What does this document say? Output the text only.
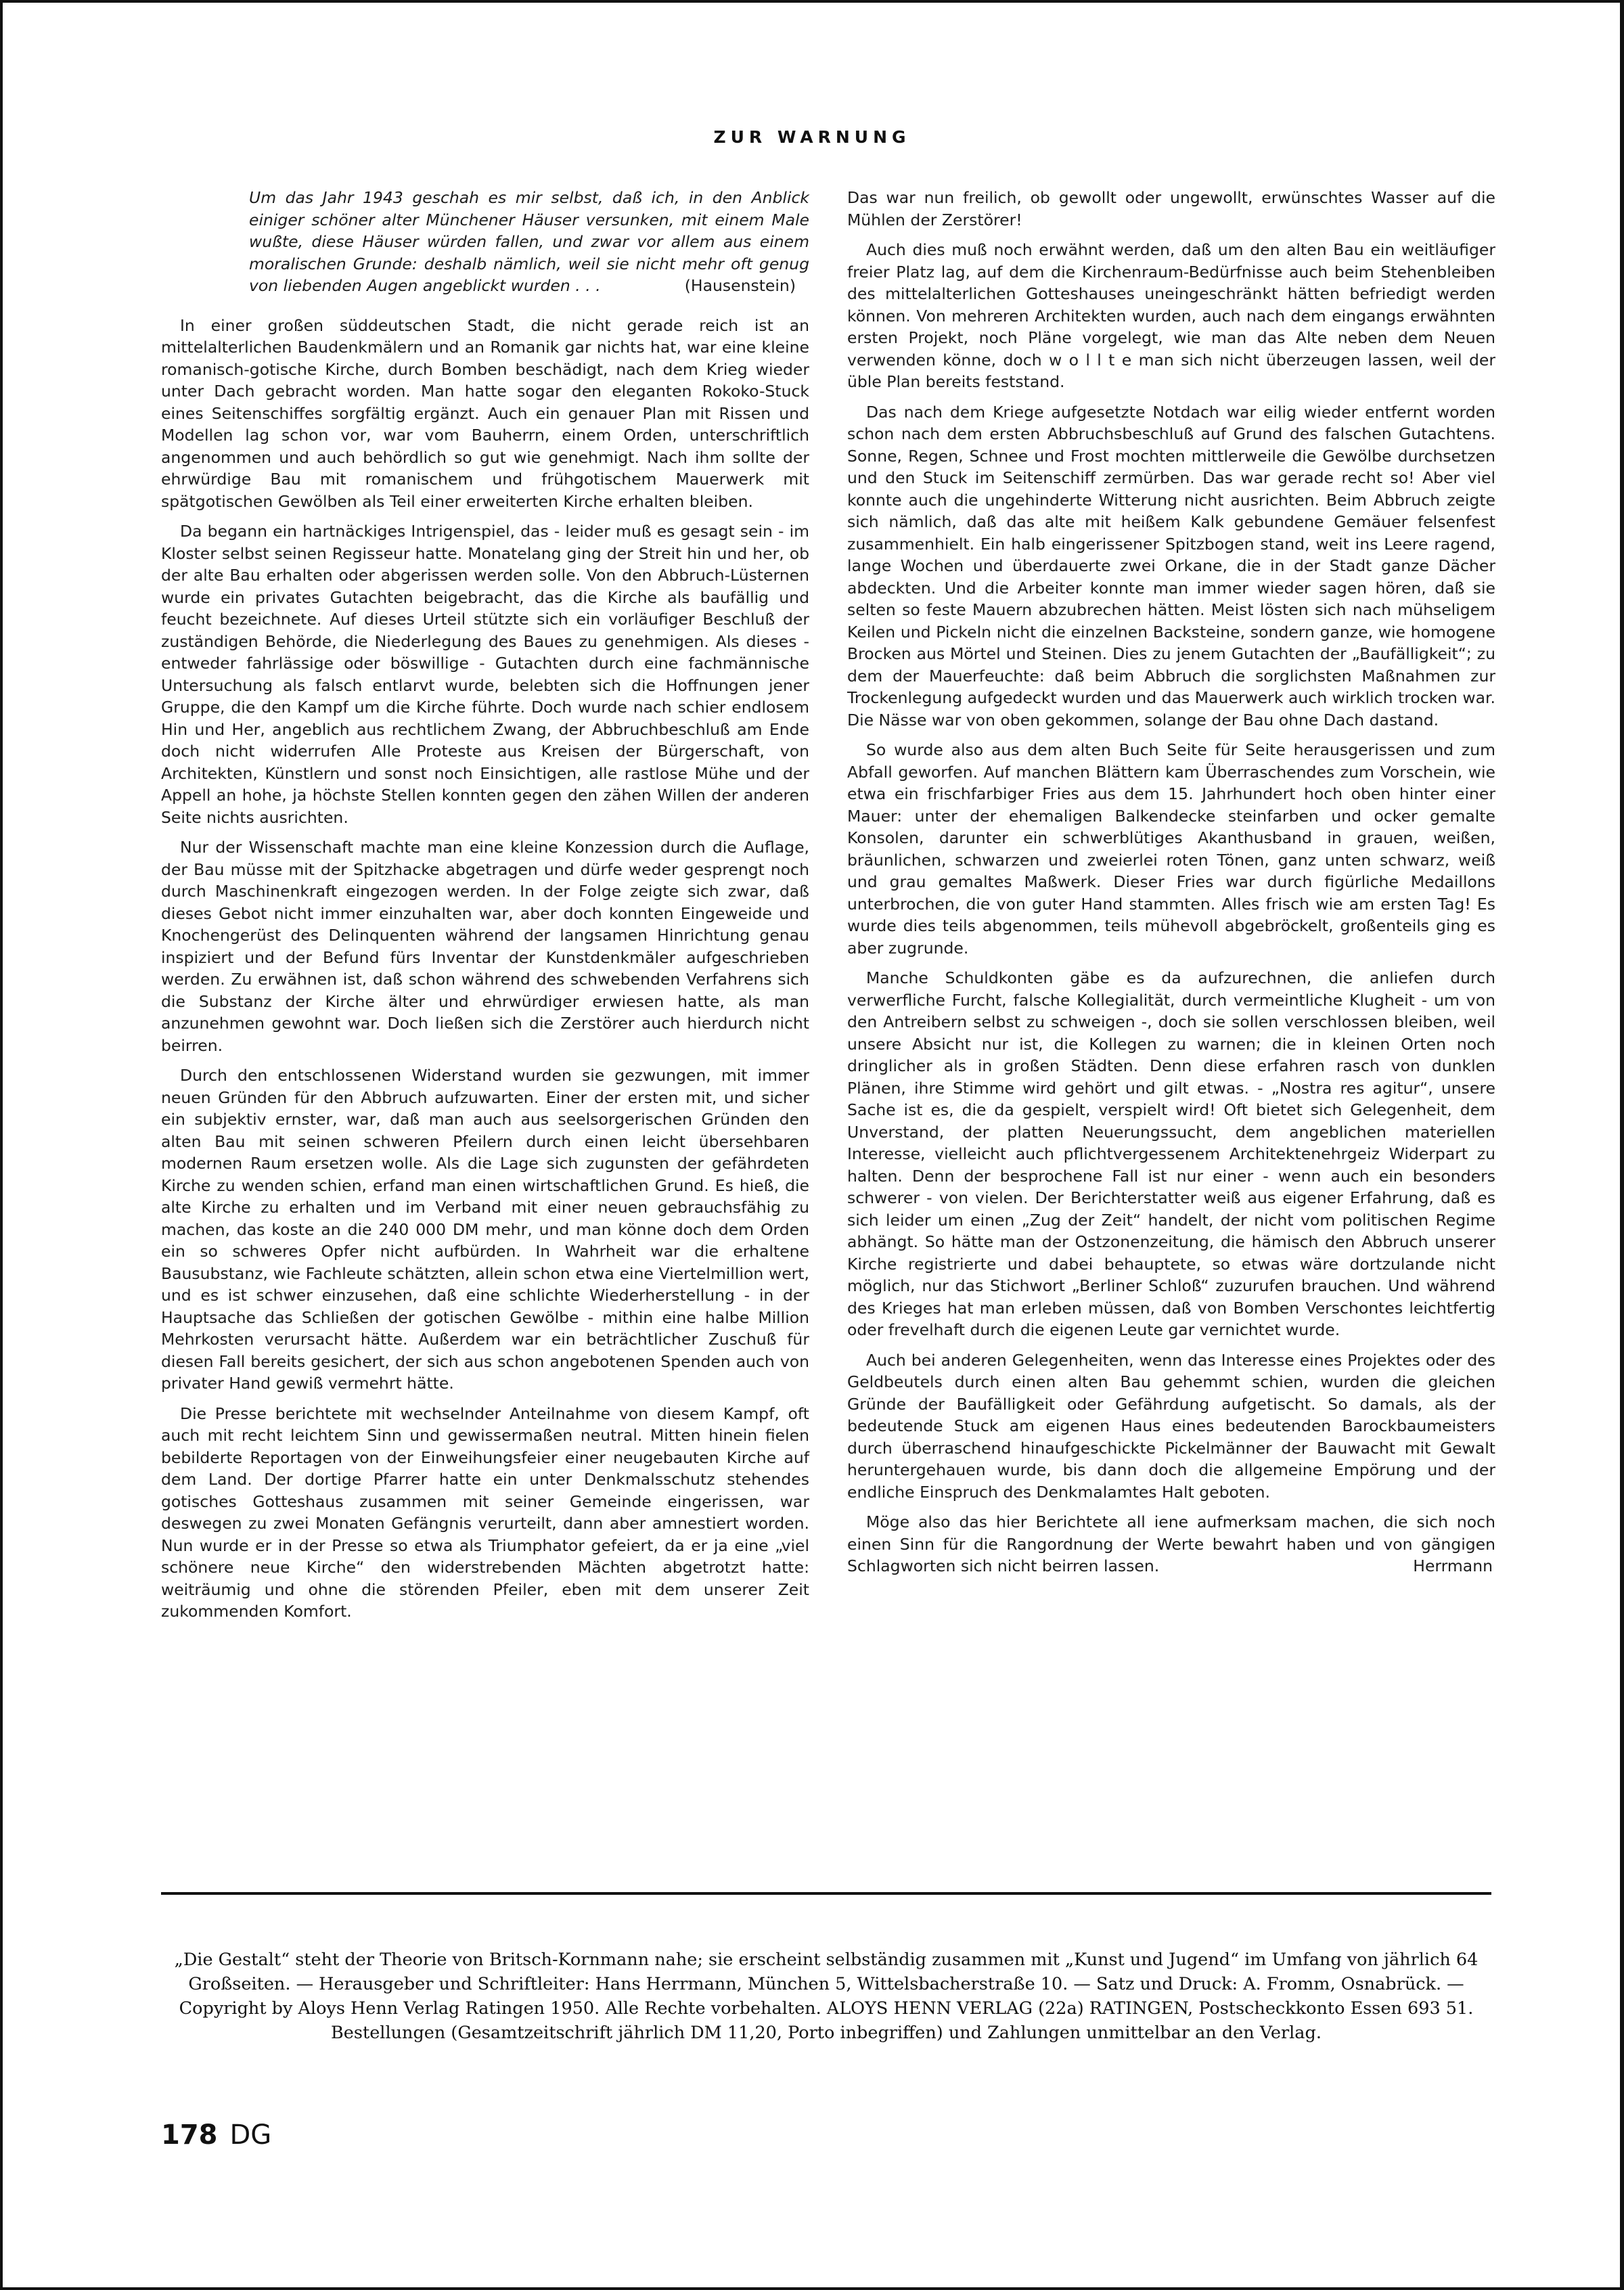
ZUR WARNUNG
Um das Jahr 1943 geschah es mir selbst, daß ich, in den Anblick einiger schöner alter Münchener Häuser versunken, mit einem Male wußte, diese Häuser würden fallen, und zwar vor allem aus einem moralischen Grunde: deshalb nämlich, weil sie nicht mehr oft genug von liebenden Augen angeblickt wurden . . .	(Hausenstein)

In einer großen süddeutschen Stadt, die nicht gerade reich ist an mittelalterlichen Baudenkmälern und an Romanik gar nichts hat, war eine kleine romanisch-gotische Kirche, durch Bomben beschädigt, nach dem Krieg wieder unter Dach gebracht worden. Man hatte sogar den eleganten Rokoko-Stuck eines Seitenschiffes sorgfältig ergänzt. Auch ein genauer Plan mit Rissen und Modellen lag schon vor, war vom Bauherrn, einem Orden, unterschriftlich angenommen und auch behördlich so gut wie genehmigt. Nach ihm sollte der ehrwürdige Bau mit romanischem und frühgotischem Mauerwerk mit spätgotischen Gewölben als Teil einer erweiterten Kirche erhalten bleiben.

Da begann ein hartnäckiges Intrigenspiel, das - leider muß es gesagt sein - im Kloster selbst seinen Regisseur hatte. Monatelang ging der Streit hin und her, ob der alte Bau erhalten oder abgerissen werden solle. Von den Abbruch-Lüsternen wurde ein privates Gutachten beigebracht, das die Kirche als baufällig und feucht bezeichnete. Auf dieses Urteil stützte sich ein vorläufiger Beschluß der zuständigen Behörde, die Niederlegung des Baues zu genehmigen. Als dieses - entweder fahrlässige oder böswillige - Gutachten durch eine fachmännische Untersuchung als falsch entlarvt wurde, belebten sich die Hoffnungen jener Gruppe, die den Kampf um die Kirche führte. Doch wurde nach schier endlosem Hin und Her, angeblich aus rechtlichem Zwang, der Abbruchbeschluß am Ende doch nicht widerrufen Alle Proteste aus Kreisen der Bürgerschaft, von Architekten, Künstlern und sonst noch Einsichtigen, alle rastlose Mühe und der Appell an hohe, ja höchste Stellen konnten gegen den zähen Willen der anderen Seite nichts ausrichten.

Nur der Wissenschaft machte man eine kleine Konzession durch die Auflage, der Bau müsse mit der Spitzhacke abgetragen und dürfe weder gesprengt noch durch Maschinenkraft eingezogen werden. In der Folge zeigte sich zwar, daß dieses Gebot nicht immer einzuhalten war, aber doch konnten Eingeweide und Knochengerüst des Delinquenten während der langsamen Hinrichtung genau inspiziert und der Befund fürs Inventar der Kunstdenkmäler aufgeschrieben werden. Zu erwähnen ist, daß schon während des schwebenden Verfahrens sich die Substanz der Kirche älter und ehrwürdiger erwiesen hatte, als man anzunehmen gewohnt war. Doch ließen sich die Zerstörer auch hierdurch nicht beirren.

Durch den entschlossenen Widerstand wurden sie gezwungen, mit immer neuen Gründen für den Abbruch aufzuwarten. Einer der ersten mit, und sicher ein subjektiv ernster, war, daß man auch aus seelsorgerischen Gründen den alten Bau mit seinen schweren Pfeilern durch einen leicht übersehbaren modernen Raum ersetzen wolle. Als die Lage sich zugunsten der gefährdeten Kirche zu wenden schien, erfand man einen wirtschaftlichen Grund. Es hieß, die alte Kirche zu erhalten und im Verband mit einer neuen gebrauchsfähig zu machen, das koste an die 240 000 DM mehr, und man könne doch dem Orden ein so schweres Opfer nicht aufbürden. In Wahrheit war die erhaltene Bausubstanz, wie Fachleute schätzten, allein schon etwa eine Viertelmillion wert, und es ist schwer einzusehen, daß eine schlichte Wiederherstellung - in der Hauptsache das Schließen der gotischen Gewölbe - mithin eine halbe Million Mehrkosten verursacht hätte. Außerdem war ein beträchtlicher Zuschuß für diesen Fall bereits gesichert, der sich aus schon angebotenen Spenden auch von privater Hand gewiß vermehrt hätte.

Die Presse berichtete mit wechselnder Anteilnahme von diesem Kampf, oft auch mit recht leichtem Sinn und gewissermaßen neutral. Mitten hinein fielen bebilderte Reportagen von der Einweihungsfeier einer neugebauten Kirche auf dem Land. Der dortige Pfarrer hatte ein unter Denkmalsschutz stehendes gotisches Gotteshaus zusammen mit seiner Gemeinde eingerissen, war deswegen zu zwei Monaten Gefängnis verurteilt, dann aber amnestiert worden. Nun wurde er in der Presse so etwa als Triumphator gefeiert, da er ja eine „viel schönere neue Kirche“ den widerstrebenden Mächten abgetrotzt hatte: weiträumig und ohne die störenden Pfeiler, eben mit dem unserer Zeit zukommenden Komfort.

Das war nun freilich, ob gewollt oder ungewollt, erwünschtes Wasser auf die Mühlen der Zerstörer!

Auch dies muß noch erwähnt werden, daß um den alten Bau ein weitläufiger freier Platz lag, auf dem die Kirchenraum-Bedürfnisse auch beim Stehenbleiben des mittelalterlichen Gotteshauses uneingeschränkt hätten befriedigt werden können. Von mehreren Architekten wurden, auch nach dem eingangs erwähnten ersten Projekt, noch Pläne vorgelegt, wie man das Alte neben dem Neuen verwenden könne, doch w o l l t e man sich nicht überzeugen lassen, weil der üble Plan bereits feststand.

Das nach dem Kriege aufgesetzte Notdach war eilig wieder entfernt worden schon nach dem ersten Abbruchsbeschluß auf Grund des falschen Gutachtens. Sonne, Regen, Schnee und Frost mochten mittlerweile die Gewölbe durchsetzen und den Stuck im Seitenschiff zermürben. Das war gerade recht so! Aber viel konnte auch die ungehinderte Witterung nicht ausrichten. Beim Abbruch zeigte sich nämlich, daß das alte mit heißem Kalk gebundene Gemäuer felsenfest zusammenhielt. Ein halb eingerissener Spitzbogen stand, weit ins Leere ragend, lange Wochen und überdauerte zwei Orkane, die in der Stadt ganze Dächer abdeckten. Und die Arbeiter konnte man immer wieder sagen hören, daß sie selten so feste Mauern abzubrechen hätten. Meist lösten sich nach mühseligem Keilen und Pickeln nicht die einzelnen Backsteine, sondern ganze, wie homogene Brocken aus Mörtel und Steinen. Dies zu jenem Gutachten der „Baufälligkeit“; zu dem der Mauerfeuchte: daß beim Abbruch die sorglichsten Maßnahmen zur Trockenlegung aufgedeckt wurden und das Mauerwerk auch wirklich trocken war. Die Nässe war von oben gekommen, solange der Bau ohne Dach dastand.

So wurde also aus dem alten Buch Seite für Seite herausgerissen und zum Abfall geworfen. Auf manchen Blättern kam Überraschendes zum Vorschein, wie etwa ein frischfarbiger Fries aus dem 15. Jahrhundert hoch oben hinter einer Mauer: unter der ehemaligen Balkendecke steinfarben und ocker gemalte Konsolen, darunter ein schwerblütiges Akanthusband in grauen, weißen, bräunlichen, schwarzen und zweierlei roten Tönen, ganz unten schwarz, weiß und grau gemaltes Maßwerk. Dieser Fries war durch figürliche Medaillons unterbrochen, die von guter Hand stammten. Alles frisch wie am ersten Tag! Es wurde dies teils abgenommen, teils mühevoll abgebröckelt, großenteils ging es aber zugrunde.

Manche Schuldkonten gäbe es da aufzurechnen, die anliefen durch verwerfliche Furcht, falsche Kollegialität, durch vermeintliche Klugheit - um von den Antreibern selbst zu schweigen -, doch sie sollen verschlossen bleiben, weil unsere Absicht nur ist, die Kollegen zu warnen; die in kleinen Orten noch dringlicher als in großen Städten. Denn diese erfahren rasch von dunklen Plänen, ihre Stimme wird gehört und gilt etwas. - „Nostra res agitur“, unsere Sache ist es, die da gespielt, verspielt wird! Oft bietet sich Gelegenheit, dem Unverstand, der platten Neuerungssucht, dem angeblichen materiellen Interesse, vielleicht auch pflichtvergessenem Architektenehrgeiz Widerpart zu halten. Denn der besprochene Fall ist nur einer - wenn auch ein besonders schwerer - von vielen. Der Berichterstatter weiß aus eigener Erfahrung, daß es sich leider um einen „Zug der Zeit“ handelt, der nicht vom politischen Regime abhängt. So hätte man der Ostzonenzeitung, die hämisch den Abbruch unserer Kirche registrierte und dabei behauptete, so etwas wäre dortzulande nicht möglich, nur das Stichwort „Berliner Schloß“ zuzurufen brauchen. Und während des Krieges hat man erleben müssen, daß von Bomben Verschontes leichtfertig oder frevelhaft durch die eigenen Leute gar vernichtet wurde.

Auch bei anderen Gelegenheiten, wenn das Interesse eines Projektes oder des Geldbeutels durch einen alten Bau gehemmt schien, wurden die gleichen Gründe der Baufälligkeit oder Gefährdung aufgetischt. So damals, als der bedeutende Stuck am eigenen Haus eines bedeutenden Barockbaumeisters durch überraschend hinaufgeschickte Pickelmänner der Bauwacht mit Gewalt heruntergehauen wurde, bis dann doch die allgemeine Empörung und der endliche Einspruch des Denkmalamtes Halt geboten.

Möge also das hier Berichtete all iene aufmerksam machen, die sich noch einen Sinn für die Rangordnung der Werte bewahrt haben und von gängigen Schlagworten sich nicht beirren lassen.	Herrmann

„Die Gestalt“ steht der Theorie von Britsch-Kornmann nahe; sie erscheint selbständig zusammen mit „Kunst und Jugend“ im Umfang von jährlich 64 Großseiten. — Herausgeber und Schriftleiter: Hans Herrmann, München 5, Wittelsbacherstraße 10. — Satz und Druck: A. Fromm, Osnabrück. — Copyright by Aloys Henn Verlag Ratingen 1950. Alle Rechte vorbehalten. ALOYS HENN VERLAG (22a) RATINGEN, Postscheckkonto Essen 693 51. Bestellungen (Gesamtzeitschrift jährlich DM 11,20, Porto inbegriffen) und Zahlungen unmittelbar an den Verlag.
178 DG
